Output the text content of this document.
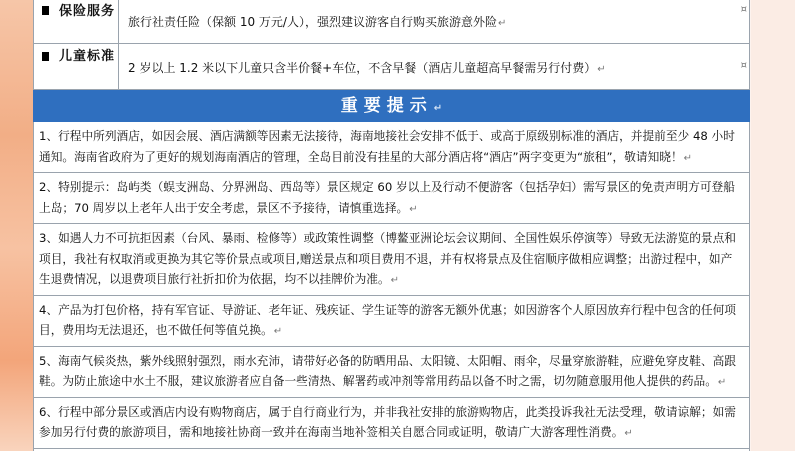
保险服务
旅行社责任险（保额 10 万元/人），强烈建议游客自行购买旅游意外险↵
¤
儿童标准
2 岁以上 1.2 米以下儿童只含半价餐+车位，不含早餐（酒店儿童超高早餐需另行付费）↵	¤
重要提示↵
1、行程中所列酒店，如因会展、酒店满额等因素无法接待，海南地接社会安排不低于、或高于原级别标准的酒店，并提前至少 48 小时通知。海南省政府为了更好的规划海南酒店的管理，全岛目前没有挂星的大部分酒店将“酒店”两字变更为“旅租”，敬请知晓！↵
2、特别提示：岛屿类（蜈支洲岛、分界洲岛、西岛等）景区规定 60 岁以上及行动不便游客（包括孕妇）需写景区的免责声明方可登船上岛；70 周岁以上老年人出于安全考虑，景区不予接待，请慎重选择。↵
3、如遇人力不可抗拒因素（台风、暴雨、检修等）或政策性调整（博鳌亚洲论坛会议期间、全国性娱乐停演等）导致无法游览的景点和项目，我社有权取消或更换为其它等价景点或项目,赠送景点和项目费用不退，并有权将景点及住宿顺序做相应调整；出游过程中，如产生退费情况，以退费项目旅行社折扣价为依据，均不以挂牌价为准。↵
4、产品为打包价格，持有军官证、导游证、老年证、残疾证、学生证等的游客无额外优惠；如因游客个人原因放弃行程中包含的任何项目，费用均无法退还，也不做任何等值兑换。↵
5、海南气候炎热，紫外线照射强烈，雨水充沛，请带好必备的防晒用品、太阳镜、太阳帽、雨伞，尽量穿旅游鞋，应避免穿皮鞋、高跟鞋。为防止旅途中水土不服，建议旅游者应自备一些清热、解署药或冲剂等常用药品以备不时之需，切勿随意服用他人提供的药品。↵
6、行程中部分景区或酒店内设有购物商店，属于自行商业行为，并非我社安排的旅游购物店，此类投诉我社无法受理，敬请谅解；如需参加另行付费的旅游项目，需和地接社协商一致并在海南当地补签相关自愿合同或证明，敬请广大游客理性消费。↵
